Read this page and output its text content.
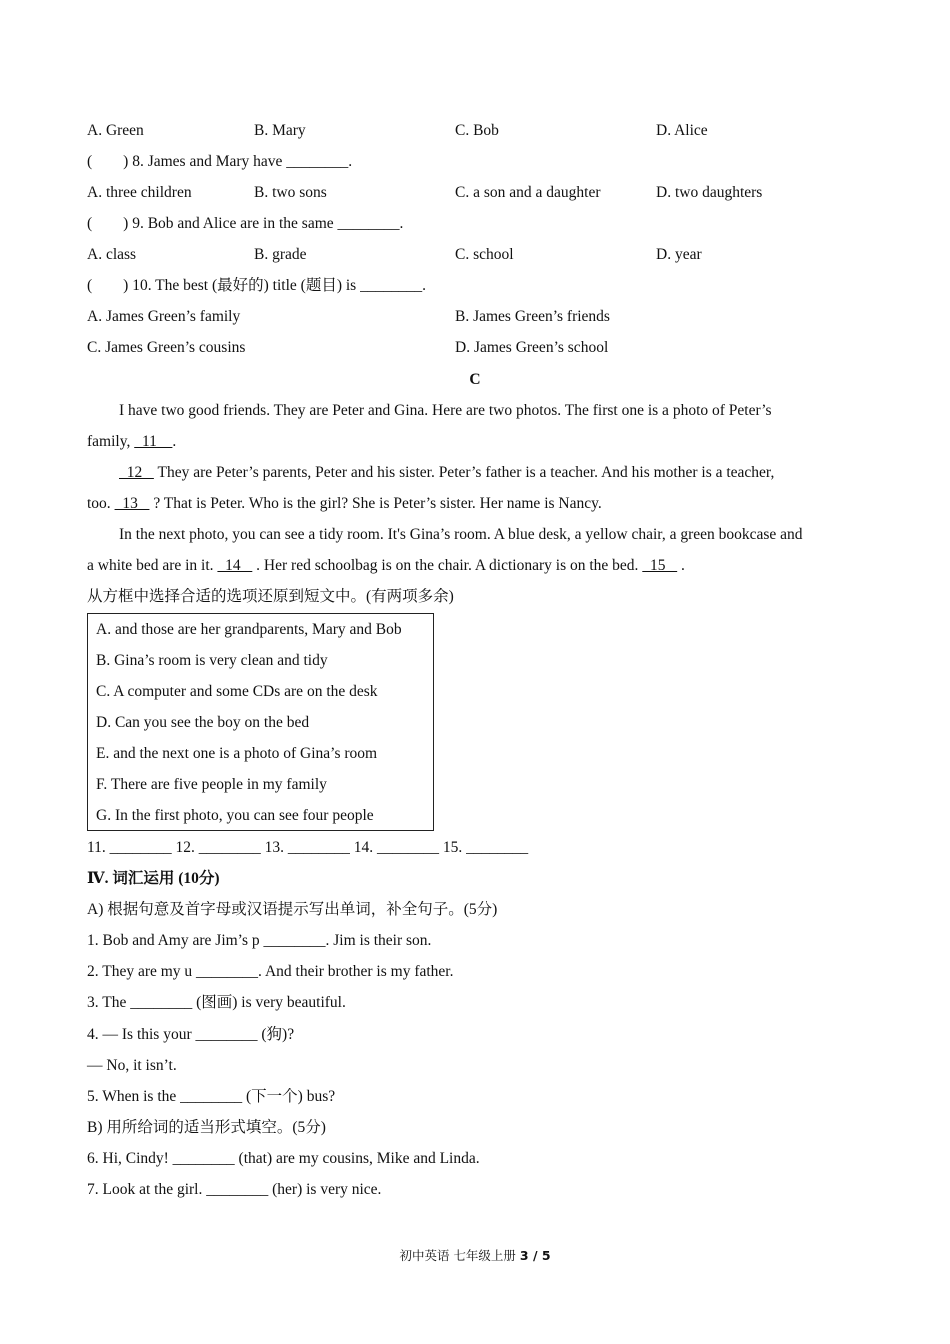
A. Green	B. Mary	C. Bob	D. Alice
(　　) 8. James and Mary have ________.
A. three children	B. two sons	C. a son and a daughter	D. two daughters
(　　) 9. Bob and Alice are in the same ________.
A. class	B. grade	C. school	D. year
(　　) 10. The best (最好的) title (题目) is ________.
A. James Green’s family	B. James Green’s friends
C. James Green’s cousins	D. James Green’s school
C
I have two good friends. They are Peter and Gina. Here are two photos. The first one is a photo of Peter’s
family,   11    .
12    They are Peter’s parents, Peter and his sister. Peter’s father is a teacher. And his mother is a teacher,
too.   13    ? That is Peter. Who is the girl? She is Peter’s sister. Her name is Nancy.
In the next photo, you can see a tidy room. It's Gina’s room. A blue desk, a yellow chair, a green bookcase and
a white bed are in it.   14    . Her red schoolbag is on the chair. A dictionary is on the bed.   15    .
从方框中选择合适的选项还原到短文中。(有两项多余)
A. and those are her grandparents, Mary and Bob
B. Gina’s room is very clean and tidy
C. A computer and some CDs are on the desk
D. Can you see the boy on the bed
E. and the next one is a photo of Gina’s room
F. There are five people in my family
G. In the first photo, you can see four people
11. ________ 12. ________ 13. ________ 14. ________ 15. ________
Ⅳ. 词汇运用 (10分)
A) 根据句意及首字母或汉语提示写出单词，补全句子。(5分)
1. Bob and Amy are Jim’s p ________. Jim is their son.
2. They are my u ________. And their brother is my father.
3. The ________ (图画) is very beautiful.
4. — Is this your ________ (狗)?
— No, it isn’t.
5. When is the ________ (下一个) bus?
B) 用所给词的适当形式填空。(5分)
6. Hi, Cindy! ________ (that) are my cousins, Mike and Linda.
7. Look at the girl. ________ (her) is very nice.
初中英语 七年级上册 3 / 5
